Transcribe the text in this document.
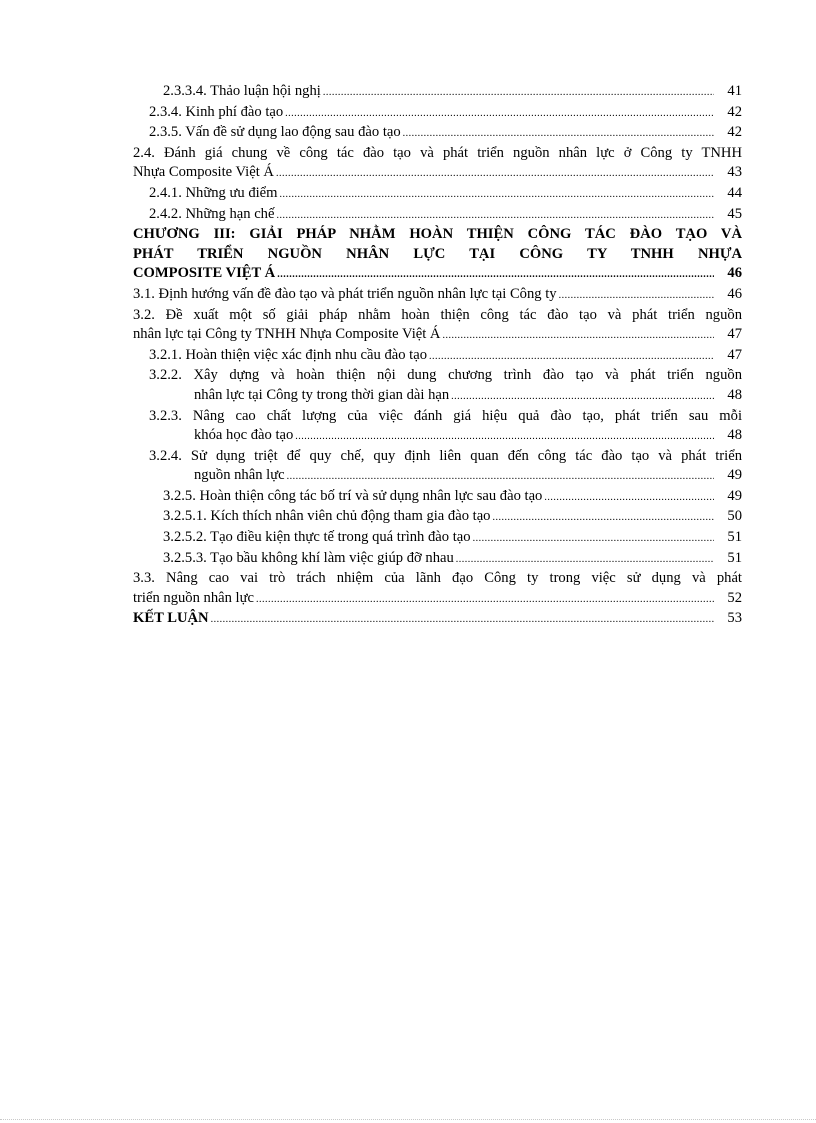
2.3.3.4. Thảo luận hội nghị .....	41
2.3.4. Kinh phí đào tạo .....	42
2.3.5. Vấn đề sử dụng lao động sau đào tạo .....	42
2.4. Đánh giá chung về công tác đào tạo và phát triển nguồn nhân lực ở Công ty TNHH
Nhựa Composite Việt Á .....	43
2.4.1. Những ưu điểm .....	44
2.4.2. Những hạn chế .....	45
CHƯƠNG III: GIẢI PHÁP NHẰM HOÀN THIỆN CÔNG TÁC ĐÀO TẠO VÀ
PHÁT TRIỂN NGUỒN NHÂN LỰC TẠI CÔNG TY TNHH NHỰA
COMPOSITE VIỆT Á .....	46
3.1. Định hướng vấn đề đào tạo và phát triển nguồn nhân lực tại Công ty .....	46
3.2. Đề xuất một số giải pháp nhằm hoàn thiện công tác đào tạo và phát triển nguồn
nhân lực tại Công ty TNHH Nhựa Composite Việt Á .....	47
3.2.1. Hoàn thiện việc xác định nhu cầu đào tạo .....	47
3.2.2. Xây dựng và hoàn thiện nội dung chương trình đào tạo và phát triển nguồn
nhân lực tại Công ty trong thời gian dài hạn .....	48
3.2.3. Nâng cao chất lượng của việc đánh giá hiệu quả đào tạo, phát triển sau mỗi
khóa học đào tạo .....	48
3.2.4. Sử dụng triệt để quy chế, quy định liên quan đến công tác đào tạo và phát triển
nguồn nhân lực .....	49
3.2.5. Hoàn thiện công tác bố trí và sử dụng nhân lực sau đào tạo .....	49
3.2.5.1. Kích thích nhân viên chủ động tham gia đào tạo .....	50
3.2.5.2. Tạo điều kiện thực tế trong quá trình đào tạo .....	51
3.2.5.3. Tạo bầu không khí làm việc giúp đỡ nhau .....	51
3.3. Nâng cao vai trò trách nhiệm của lãnh đạo Công ty trong việc sử dụng và phát
triển nguồn nhân lực .....	52
KẾT LUẬN .....	53
